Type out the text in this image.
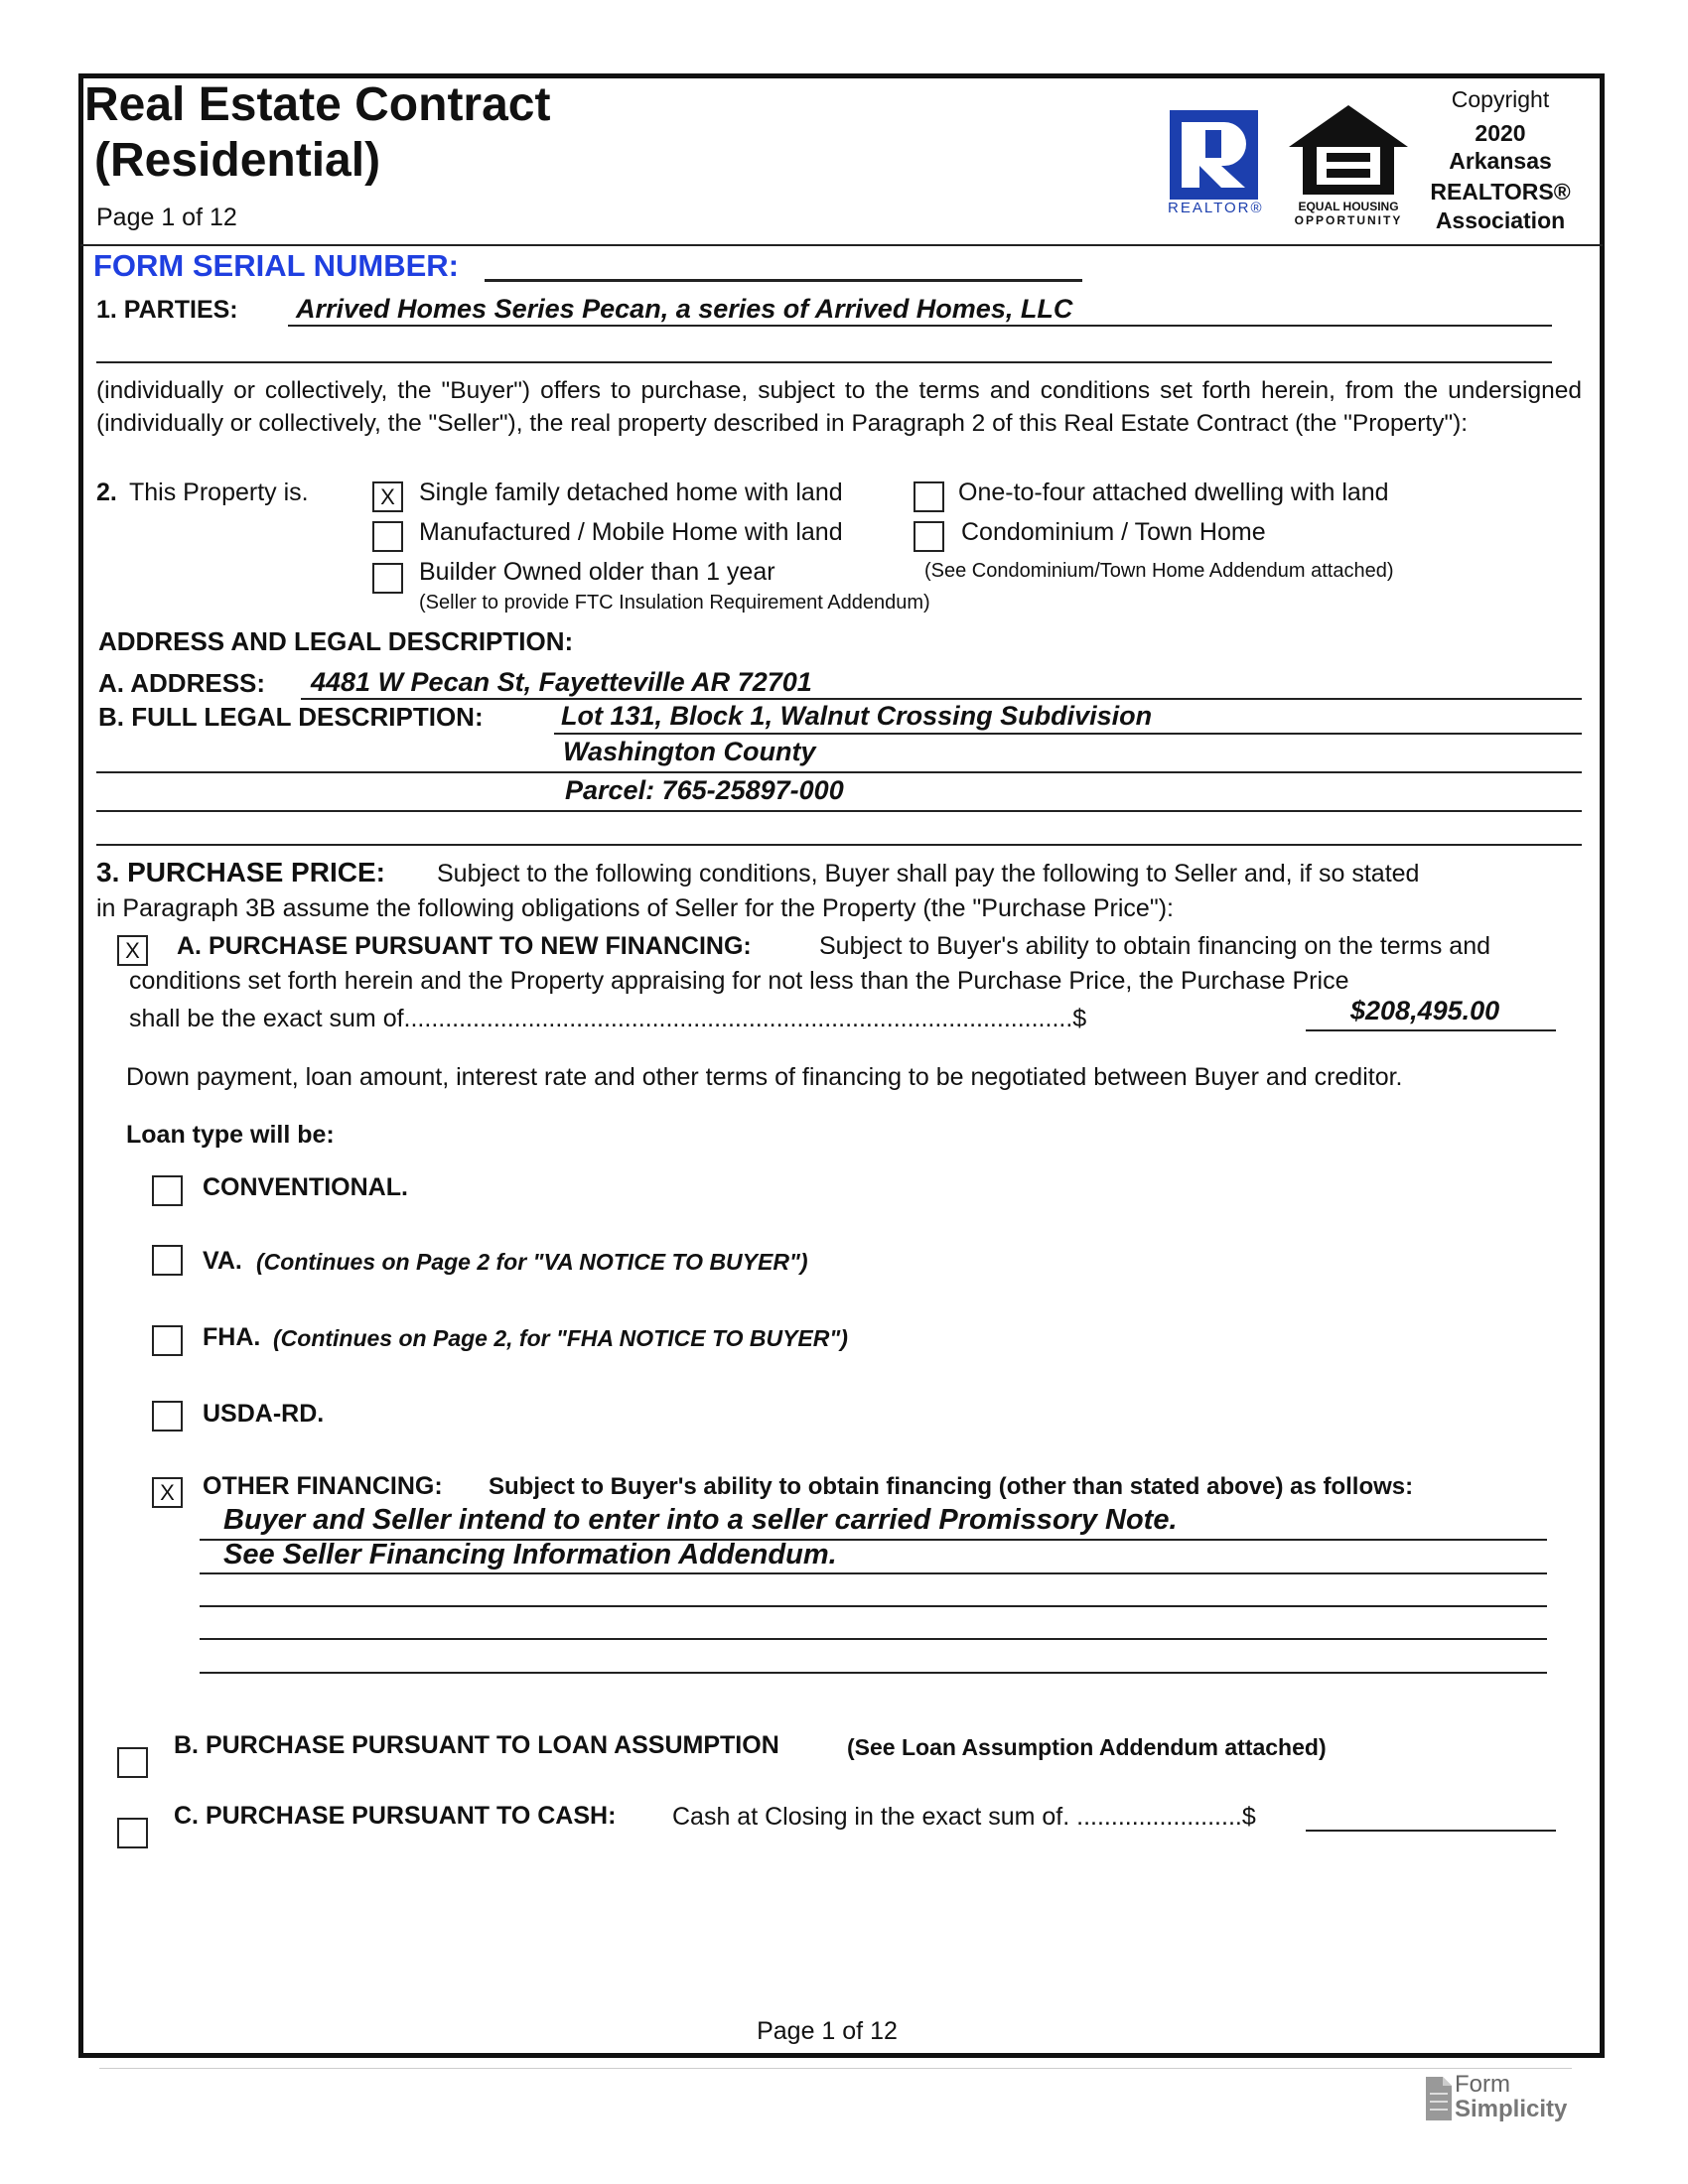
Real Estate Contract
(Residential)
Page 1 of 12	REALTOR®	EQUAL HOUSING
OPPORTUNITY
Copyright
2020
Arkansas
REALTORS®
Association
FORM SERIAL NUMBER:
1. PARTIES: Arrived Homes Series Pecan, a series of Arrived Homes, LLC
(individually or collectively, the "Buyer") offers to purchase, subject to the terms and conditions set forth herein, from the undersigned (individually or collectively, the "Seller"), the real property described in Paragraph 2 of this Real Estate Contract (the "Property"):
2. This Property is.	X Single family detached home with land	One-to-four attached dwelling with land
Manufactured / Mobile Home with land	Condominium / Town Home
Builder Owned older than 1 year	(See Condominium/Town Home Addendum attached)
(Seller to provide FTC Insulation Requirement Addendum)
ADDRESS AND LEGAL DESCRIPTION:
A. ADDRESS: 4481 W Pecan St, Fayetteville AR 72701
B. FULL LEGAL DESCRIPTION:	Lot 131, Block 1, Walnut Crossing Subdivision
Washington County
Parcel: 765-25897-000
3. PURCHASE PRICE: Subject to the following conditions, Buyer shall pay the following to Seller and, if so stated
in Paragraph 3B assume the following obligations of Seller for the Property (the "Purchase Price"):
X	A. PURCHASE PURSUANT TO NEW FINANCING:	Subject to Buyer's ability to obtain financing on the terms and
conditions set forth herein and the Property appraising for not less than the Purchase Price, the Purchase Price
shall be the exact sum of.................................................................................................$	$208,495.00
Down payment, loan amount, interest rate and other terms of financing to be negotiated between Buyer and creditor.
Loan type will be:
CONVENTIONAL.
VA. (Continues on Page 2 for "VA NOTICE TO BUYER")
FHA. (Continues on Page 2, for "FHA NOTICE TO BUYER")
USDA-RD.
X	OTHER FINANCING: Subject to Buyer's ability to obtain financing (other than stated above) as follows:
Buyer and Seller intend to enter into a seller carried Promissory Note.
See Seller Financing Information Addendum.
B. PURCHASE PURSUANT TO LOAN ASSUMPTION	(See Loan Assumption Addendum attached)
C. PURCHASE PURSUANT TO CASH: Cash at Closing in the exact sum of. ........................$
Page 1 of 12
Form
Simplicity
